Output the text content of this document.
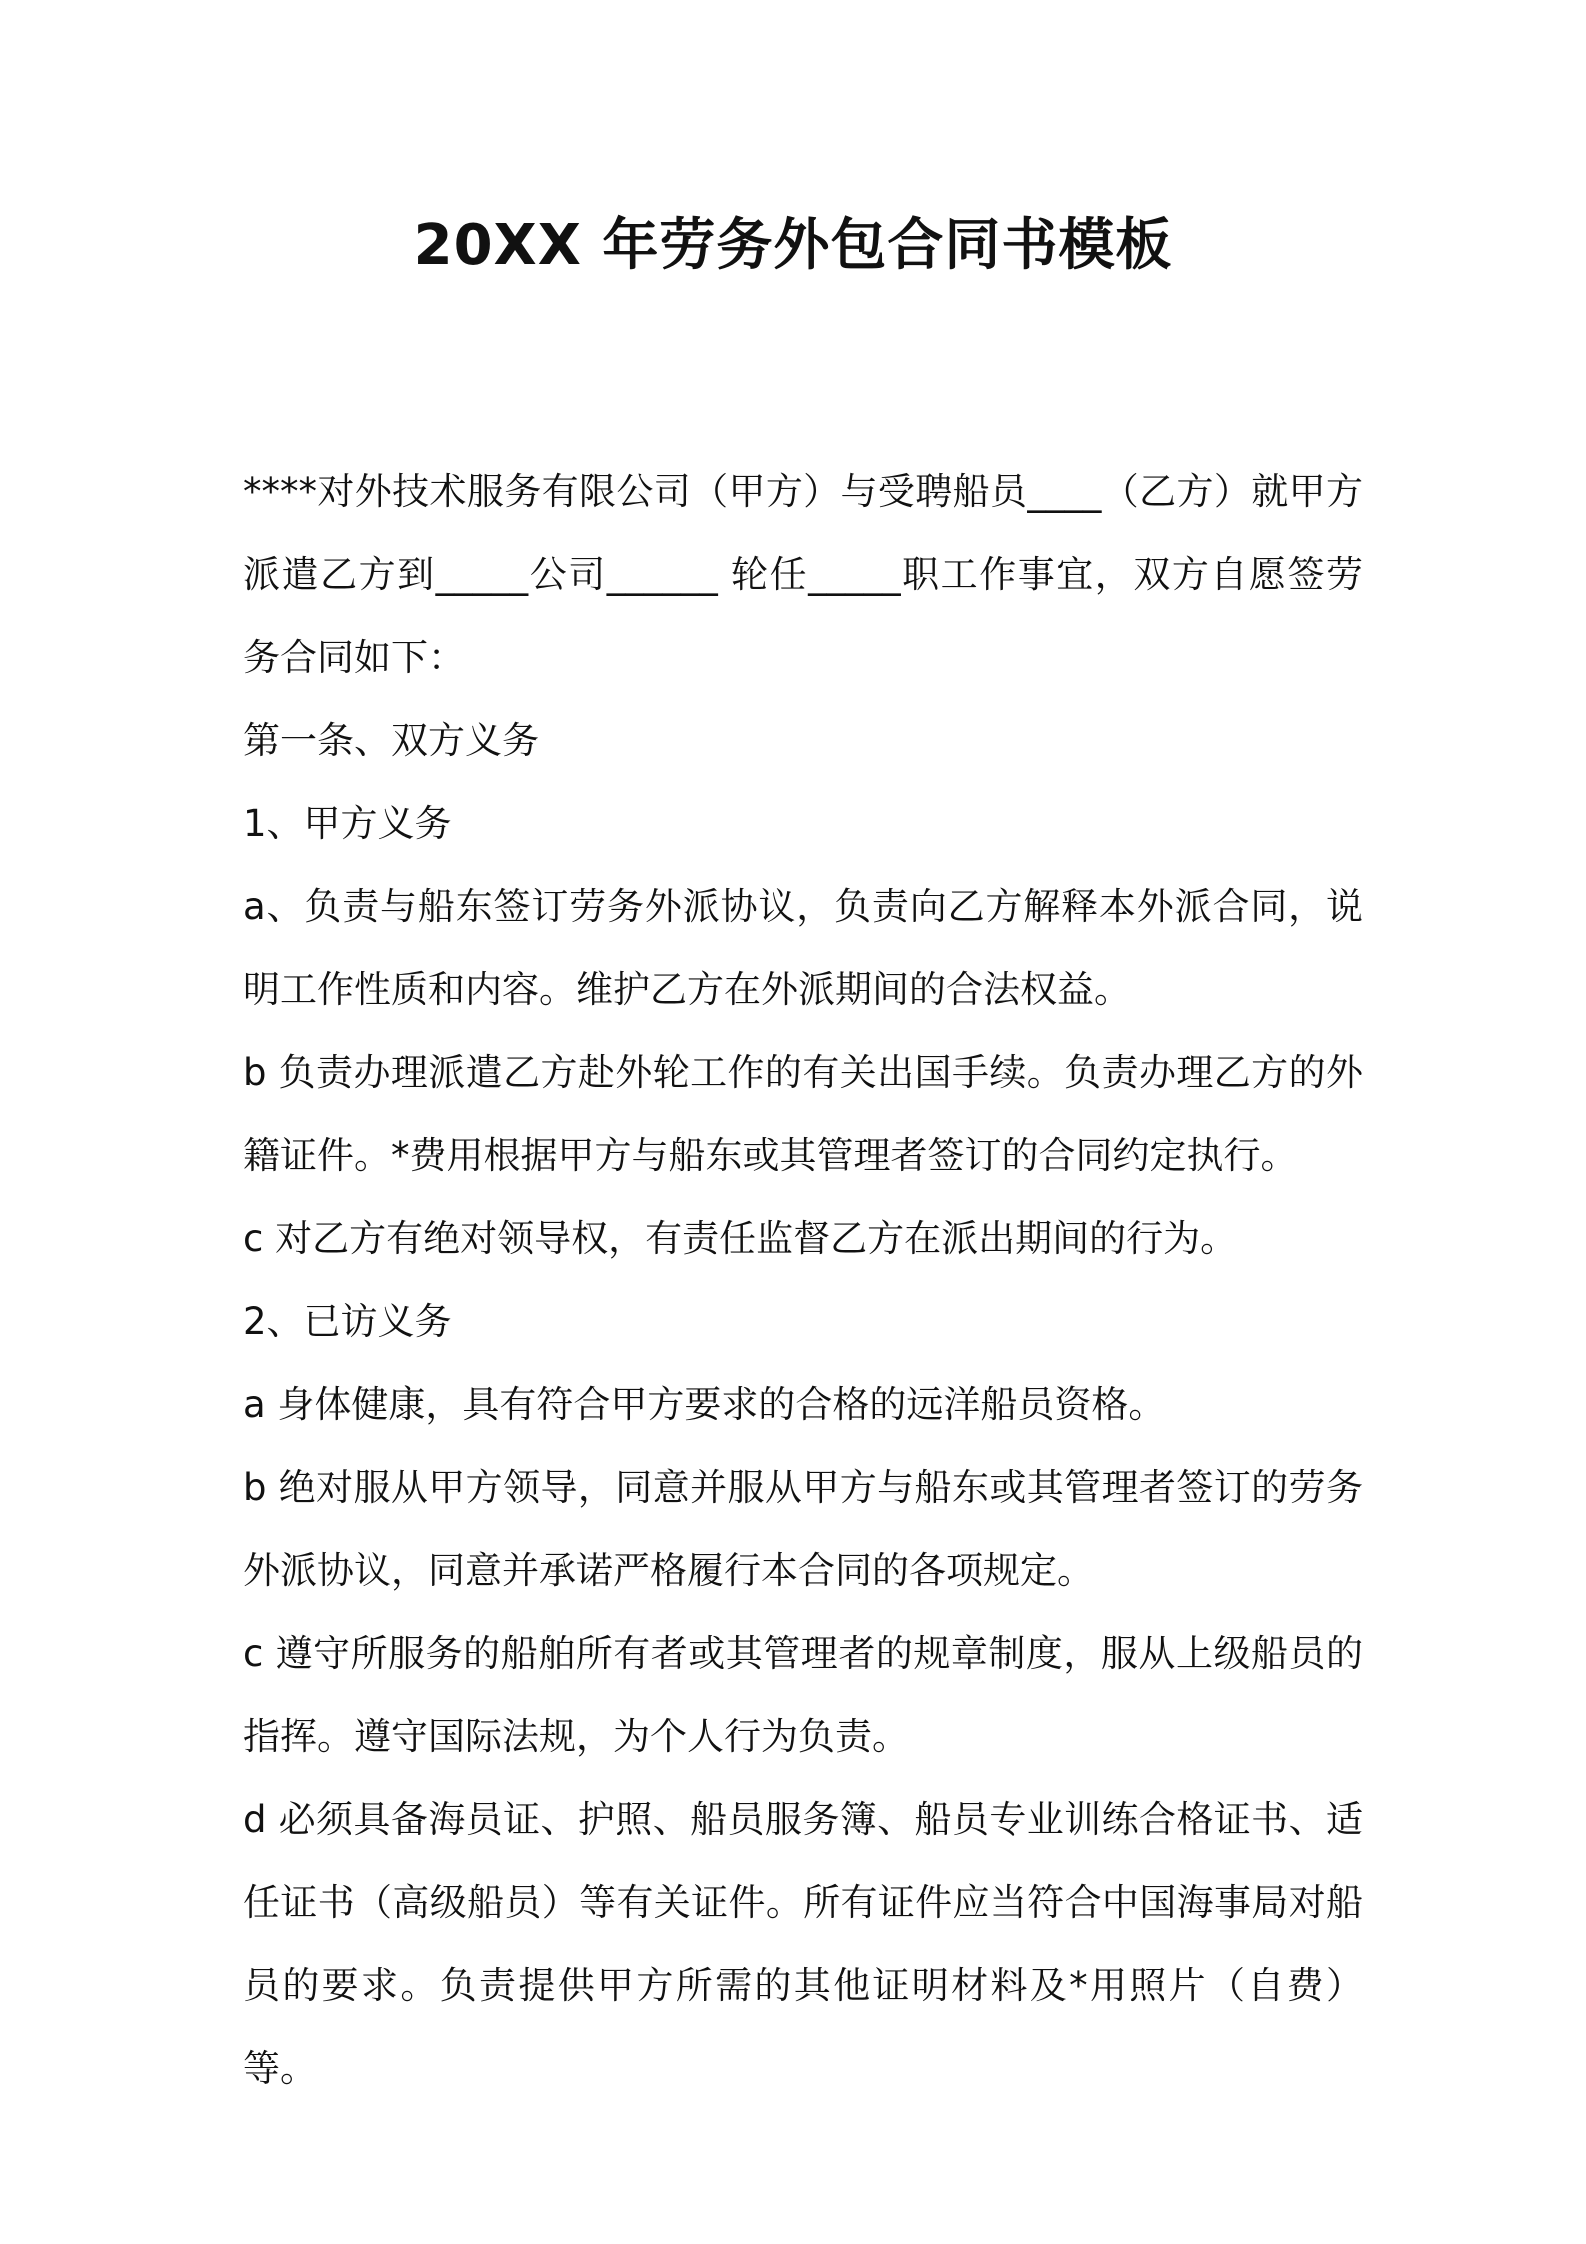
20XX 年劳务外包合同书模板

****对外技术服务有限公司（甲方）与受聘船员____（乙方）就甲方派遣乙方到_____公司______ 轮任_____职工作事宜，双方自愿签劳务合同如下：

第一条、双方义务

1、甲方义务

a、负责与船东签订劳务外派协议，负责向乙方解释本外派合同，说明工作性质和内容。维护乙方在外派期间的合法权益。

b 负责办理派遣乙方赴外轮工作的有关出国手续。负责办理乙方的外籍证件。*费用根据甲方与船东或其管理者签订的合同约定执行。

c 对乙方有绝对领导权，有责任监督乙方在派出期间的行为。

2、已访义务

a 身体健康，具有符合甲方要求的合格的远洋船员资格。

b 绝对服从甲方领导，同意并服从甲方与船东或其管理者签订的劳务外派协议，同意并承诺严格履行本合同的各项规定。

c 遵守所服务的船舶所有者或其管理者的规章制度，服从上级船员的指挥。遵守国际法规，为个人行为负责。

d 必须具备海员证、护照、船员服务簿、船员专业训练合格证书、适任证书（高级船员）等有关证件。所有证件应当符合中国海事局对船员的要求。负责提供甲方所需的其他证明材料及*用照片（自费）等。
